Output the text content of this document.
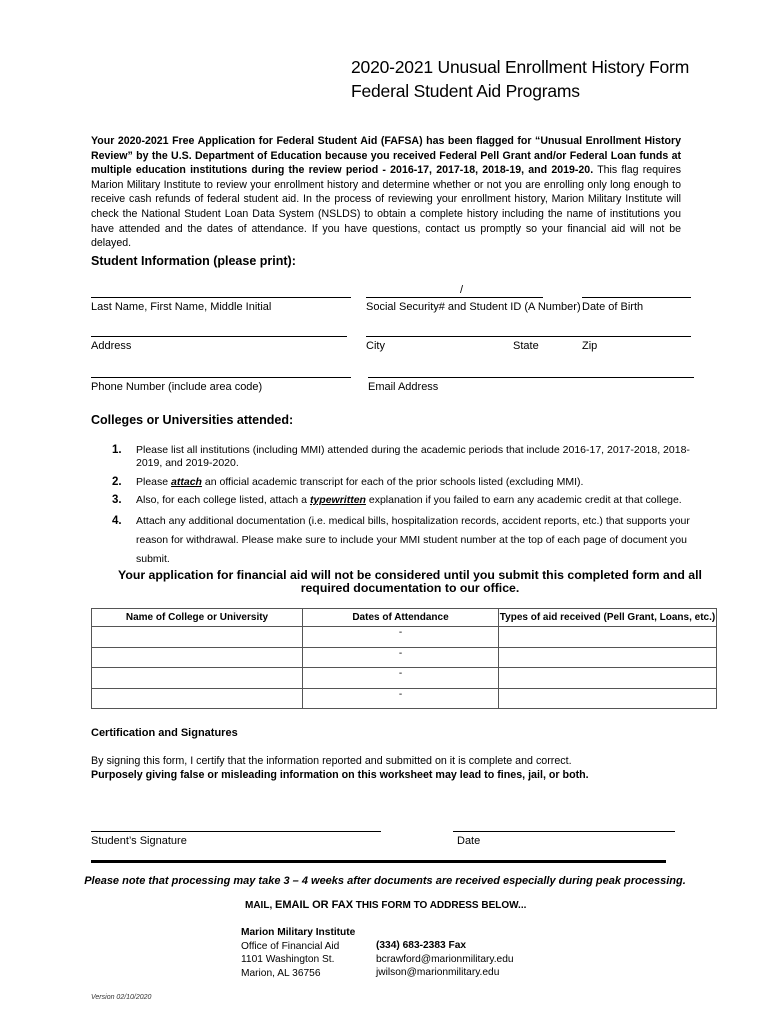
2020-2021 Unusual Enrollment History Form
Federal Student Aid Programs
Your 2020-2021 Free Application for Federal Student Aid (FAFSA) has been flagged for “Unusual Enrollment History Review” by the U.S. Department of Education because you received Federal Pell Grant and/or Federal Loan funds at multiple education institutions during the review period - 2016-17, 2017-18, 2018-19, and 2019-20. This flag requires Marion Military Institute to review your enrollment history and determine whether or not you are enrolling only long enough to receive cash refunds of federal student aid. In the process of reviewing your enrollment history, Marion Military Institute will check the National Student Loan Data System (NSLDS) to obtain a complete history including the name of institutions you have attended and the dates of attendance. If you have questions, contact us promptly so your financial aid will not be delayed.
Student Information (please print):
/
Last Name, First Name, Middle Initial	Social Security# and Student ID (A Number) Date of Birth
Address	City	State	Zip
Phone Number (include area code)	Email Address
Colleges or Universities attended:
1. Please list all institutions (including MMI) attended during the academic periods that include 2016-17, 2017-2018, 2018-2019, and 2019-2020.
2. Please attach an official academic transcript for each of the prior schools listed (excluding MMI).
3. Also, for each college listed, attach a typewritten explanation if you failed to earn any academic credit at that college.
4. Attach any additional documentation (i.e. medical bills, hospitalization records, accident reports, etc.) that supports your reason for withdrawal. Please make sure to include your MMI student number at the top of each page of document you submit.
Your application for financial aid will not be considered until you submit this completed form and all required documentation to our office.
Name of College or University	Dates of Attendance	Types of aid received (Pell Grant, Loans, etc.)
	-	
	-	
	-	
	-	
Certification and Signatures
By signing this form, I certify that the information reported and submitted on it is complete and correct.
Purposely giving false or misleading information on this worksheet may lead to fines, jail, or both.
Student’s Signature	Date
Please note that processing may take 3 – 4 weeks after documents are received especially during peak processing.
MAIL, EMAIL OR FAX THIS FORM TO ADDRESS BELOW...
Marion Military Institute
Office of Financial Aid
1101 Washington St.
Marion, AL 36756
(334) 683-2383 Fax
bcrawford@marionmilitary.edu
jwilson@marionmilitary.edu
Version 02/10/2020
